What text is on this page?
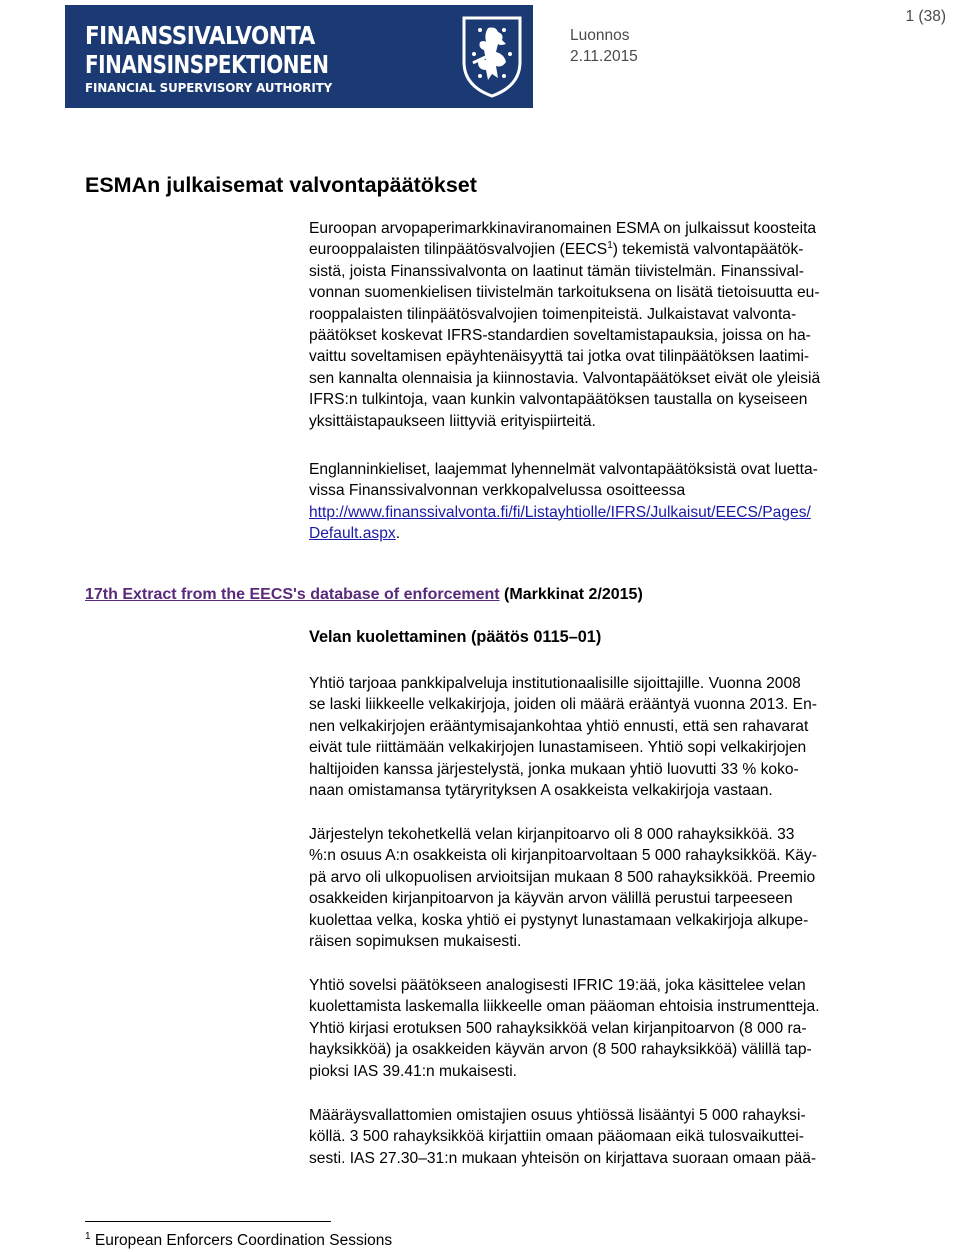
FINANSSIVALVONTA
FINANSINSPEKTIONEN
FINANCIAL SUPERVISORY AUTHORITY
Luonnos
2.11.2015
1 (38)
ESMAn julkaisemat valvontapäätökset
Euroopan arvopaperimarkkinaviranomainen ESMA on julkaissut koosteita
eurooppalaisten tilinpäätösvalvojien (EECS$^1$) tekemistä valvontapäätök-
sistä, joista Finanssivalvonta on laatinut tämän tiivistelmän. Finanssival-
vonnan suomenkielisen tiivistelmän tarkoituksena on lisätä tietoisuutta eu-
rooppalaisten tilinpäätösvalvojien toimenpiteistä. Julkaistavat valvonta-
päätökset koskevat IFRS-standardien soveltamistapauksia, joissa on ha-
vaittu soveltamisen epäyhtenäisyyttä tai jotka ovat tilinpäätöksen laatimi-
sen kannalta olennaisia ja kiinnostavia. Valvontapäätökset eivät ole yleisiä
IFRS:n tulkintoja, vaan kunkin valvontapäätöksen taustalla on kyseiseen
yksittäistapaukseen liittyviä erityispiirteitä.
Englanninkieliset, laajemmat lyhennelmät valvontapäätöksistä ovat luetta-
vissa Finanssivalvonnan verkkopalvelussa osoitteessa
http://www.finanssivalvonta.fi/fi/Listayhtiolle/IFRS/Julkaisut/EECS/Pages/
Default.aspx.
17th Extract from the EECS's database of enforcement (Markkinat 2/2015)
Velan kuolettaminen (päätös 0115–01)
Yhtiö tarjoaa pankkipalveluja institutionaalisille sijoittajille. Vuonna 2008
se laski liikkeelle velkakirjoja, joiden oli määrä erääntyä vuonna 2013. En-
nen velkakirjojen erääntymisajankohtaa yhtiö ennusti, että sen rahavarat
eivät tule riittämään velkakirjojen lunastamiseen. Yhtiö sopi velkakirjojen
haltijoiden kanssa järjestelystä, jonka mukaan yhtiö luovutti 33 % koko-
naan omistamansa tytäryrityksen A osakkeista velkakirjoja vastaan.
Järjestelyn tekohetkellä velan kirjanpitoarvo oli 8 000 rahayksikköä. 33
%:n osuus A:n osakkeista oli kirjanpitoarvoltaan 5 000 rahayksikköä. Käy-
pä arvo oli ulkopuolisen arvioitsijan mukaan 8 500 rahayksikköä. Preemio
osakkeiden kirjanpitoarvon ja käyvän arvon välillä perustui tarpeeseen
kuolettaa velka, koska yhtiö ei pystynyt lunastamaan velkakirjoja alkupe-
räisen sopimuksen mukaisesti.
Yhtiö sovelsi päätökseen analogisesti IFRIC 19:ää, joka käsittelee velan
kuolettamista laskemalla liikkeelle oman pääoman ehtoisia instrumentteja.
Yhtiö kirjasi erotuksen 500 rahayksikköä velan kirjanpitoarvon (8 000 ra-
hayksikköä) ja osakkeiden käyvän arvon (8 500 rahayksikköä) välillä tap-
pioksi IAS 39.41:n mukaisesti.
Määräysvallattomien omistajien osuus yhtiössä lisääntyi 5 000 rahayksi-
köllä. 3 500 rahayksikköä kirjattiin omaan pääomaan eikä tulosvaikuttei-
sesti. IAS 27.30–31:n mukaan yhteisön on kirjattava suoraan omaan pää-
$^1$ European Enforcers Coordination Sessions
